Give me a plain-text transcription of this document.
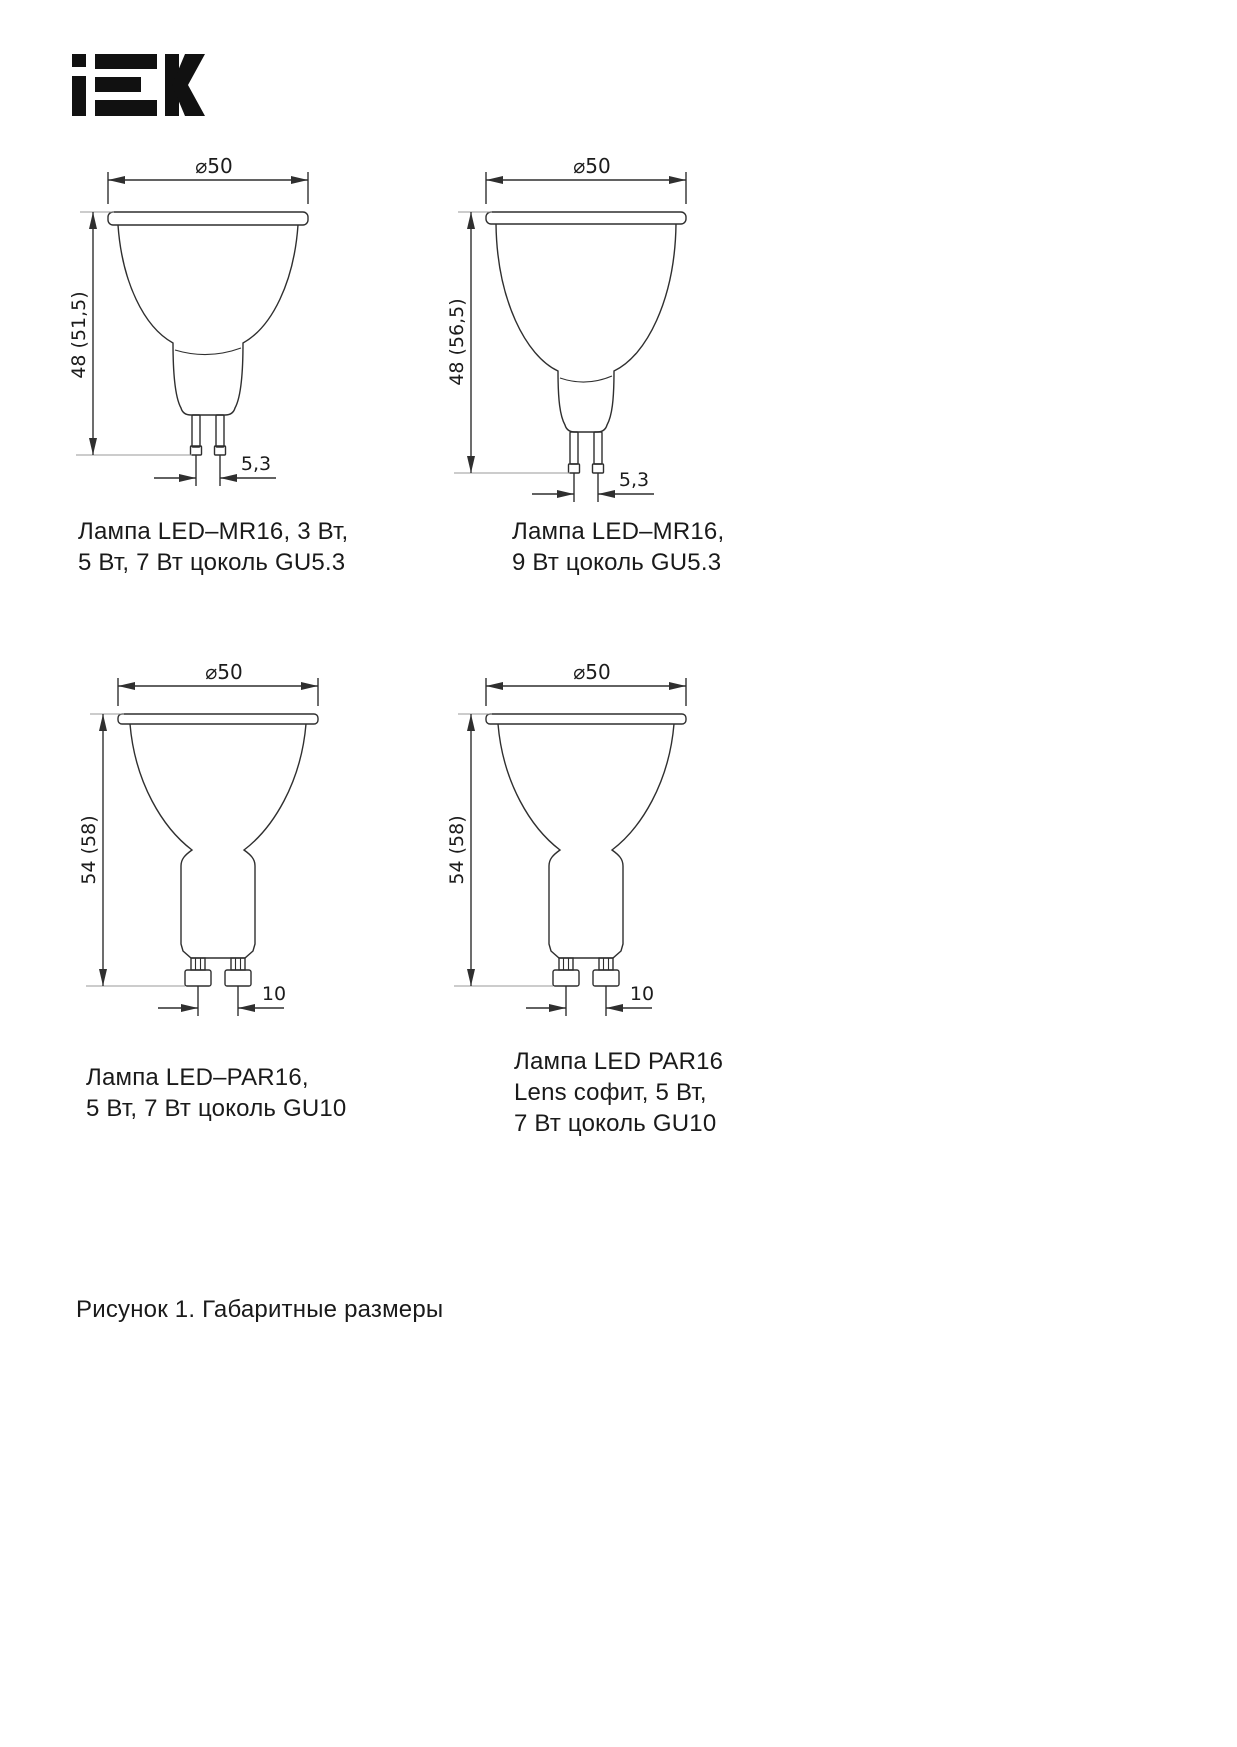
⌀50
48 (51,5)
5,3
⌀50
48 (56,5)
5,3
Лампа LED–MR16, 3 Вт,
5 Вт, 7 Вт цоколь GU5.3
Лампа LED–MR16,
9 Вт цоколь GU5.3
⌀50
54 (58)
10
⌀50
54 (58)
10
Лампа LED–PAR16,
5 Вт, 7 Вт цоколь GU10
Лампа LED PAR16
Lens софит, 5 Вт,
7 Вт цоколь GU10
Рисунок 1. Габаритные размеры
